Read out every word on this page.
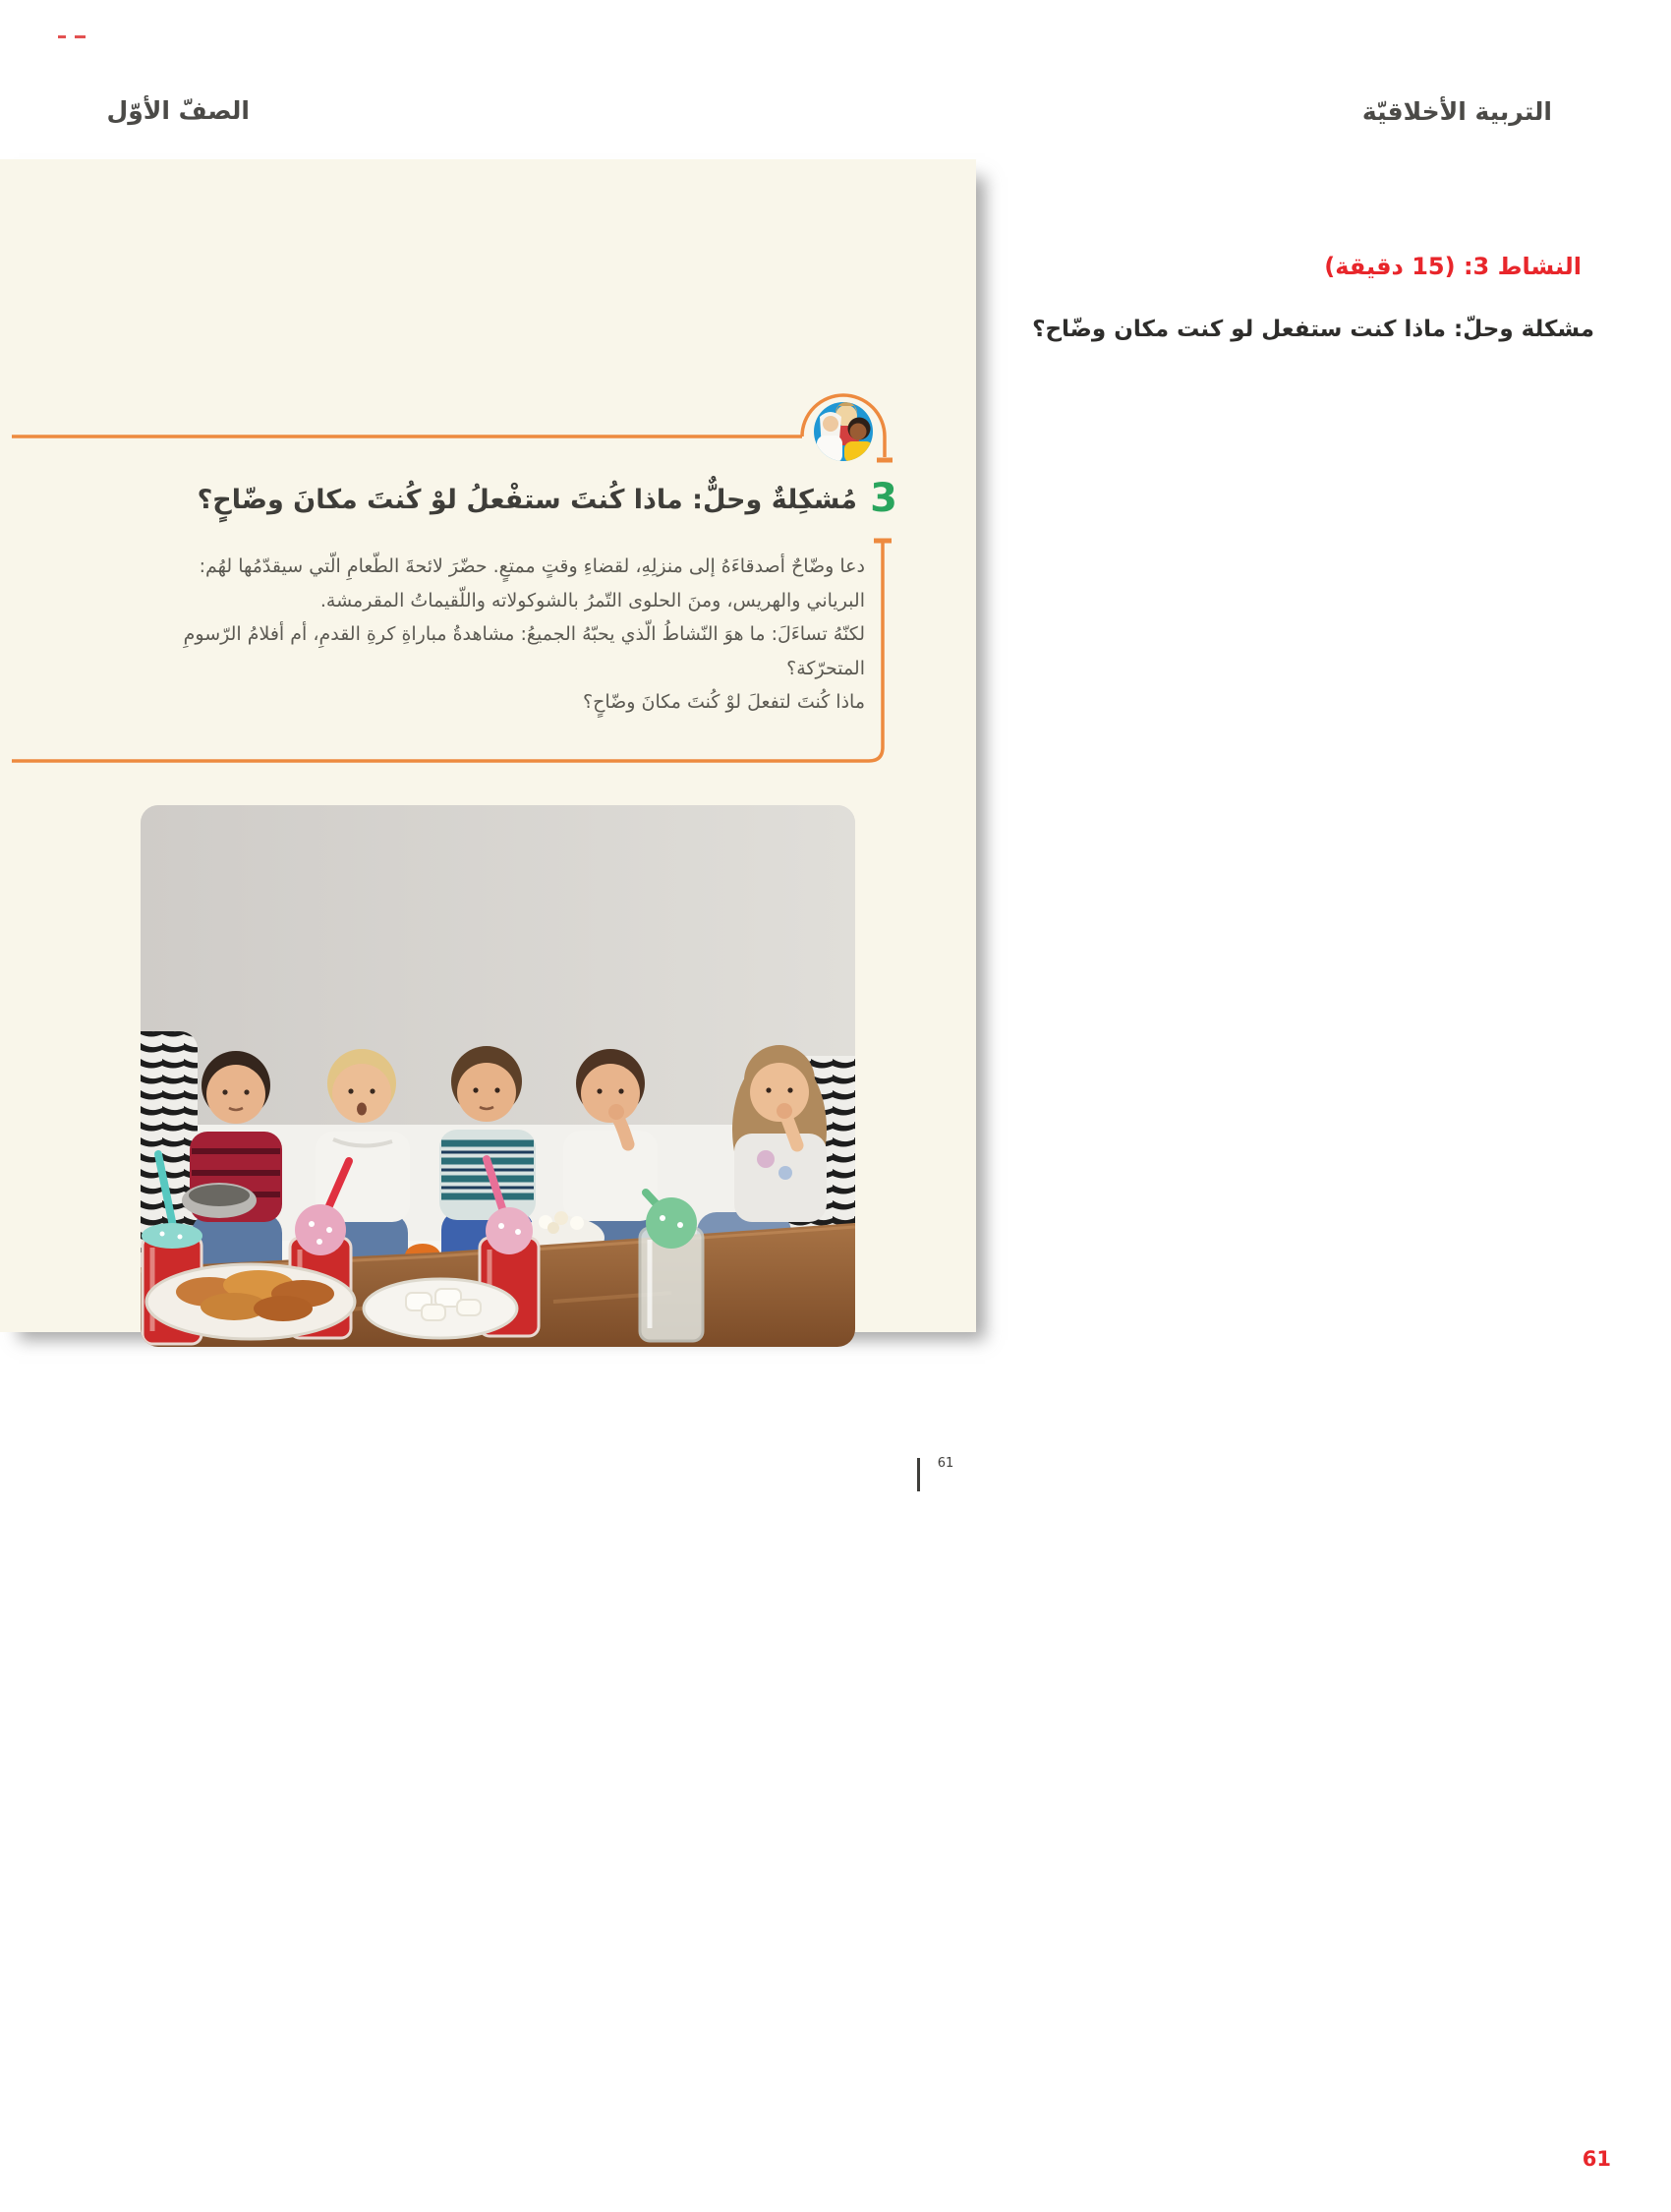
الصفّ الأوّل	التربية الأخلاقيّة
3
مُشكِلةٌ وحلٌّ: ماذا كُنتَ ستفْعلُ لوْ كُنتَ مكانَ وضّاحٍ؟
دعا وضّاحٌ أصدقاءَهُ إلى منزلِهِ، لقضاءِ وقتٍ ممتعٍ. حضّرَ لائحةَ الطّعامِ الّتي سيقدّمُها لهُم:
البرياني والهريس، ومنَ الحلوى التّمرُ بالشوكولاته واللّقيماتُ المقرمشة.
لكنّهُ تساءَلَ: ما هوَ النّشاطُ الّذي يحبّهُ الجميعُ: مشاهدةُ مباراةِ كرةِ القدمِ، أم أفلامُ الرّسومِ
المتحرّكة؟
ماذا كُنتَ لتفعلَ لوْ كُنتَ مكانَ وضّاحٍ؟
61
النشاط 3: (15 دقيقة)
مشكلة وحلّ: ماذا كنت ستفعل لو كنت مكان وضّاح؟
61
